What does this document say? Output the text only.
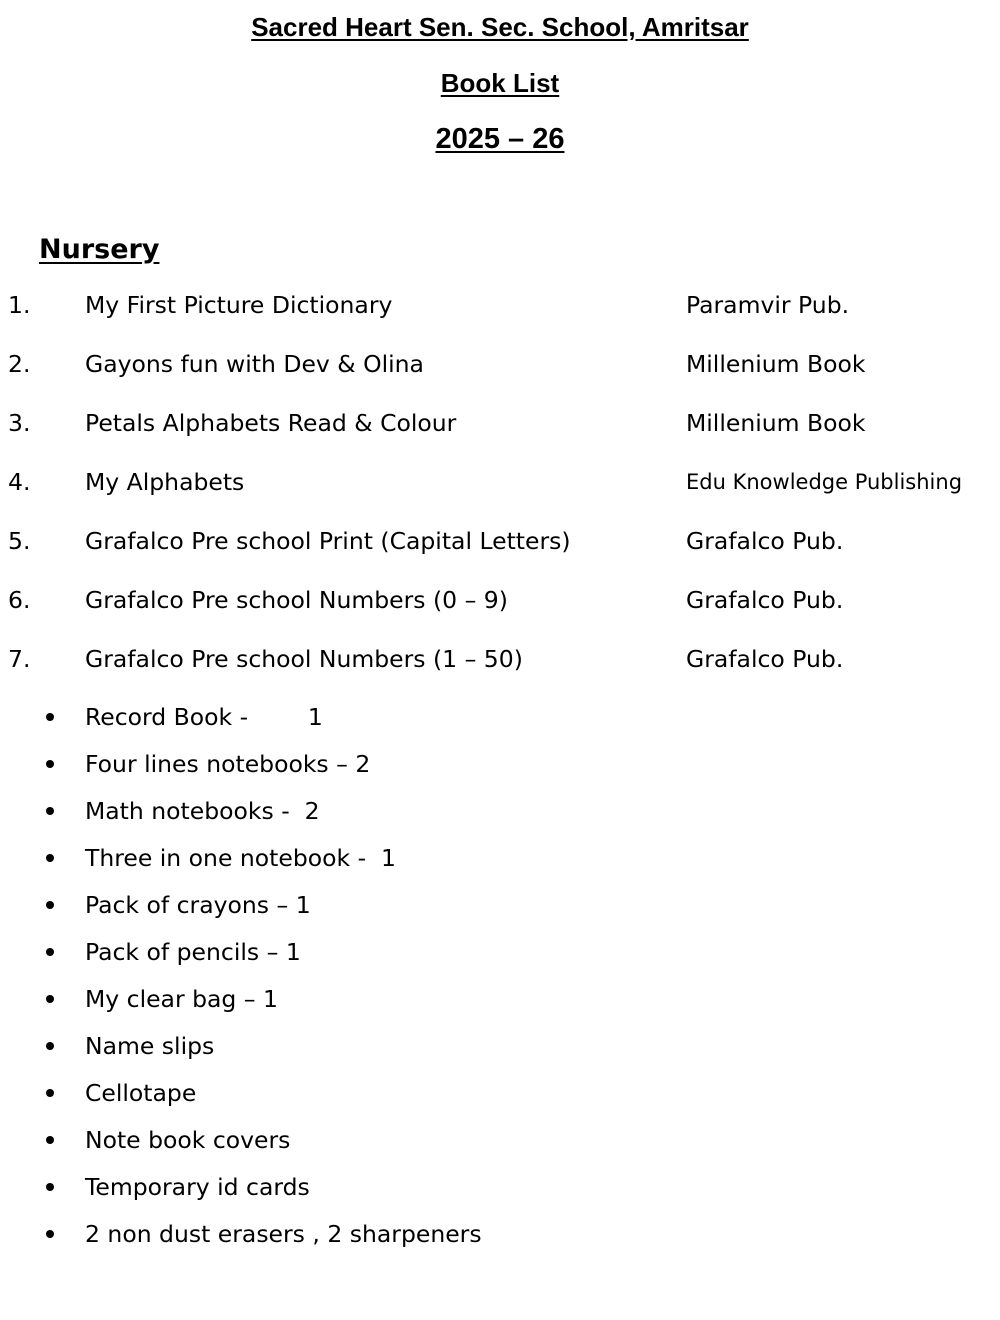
Sacred Heart Sen. Sec. School, Amritsar
Book List
2025 – 26
Nursery
1. My First Picture Dictionary	Paramvir Pub.
2. Gayons fun with Dev & Olina	Millenium Book
3. Petals Alphabets Read & Colour	Millenium Book
4. My Alphabets	Edu Knowledge Publishing
5. Grafalco Pre school Print (Capital Letters)	Grafalco Pub.
6. Grafalco Pre school Numbers (0 – 9)	Grafalco Pub.
7. Grafalco Pre school Numbers (1 – 50)	Grafalco Pub.
Record Book -        1
Four lines notebooks – 2
Math notebooks -  2
Three in one notebook -  1
Pack of crayons – 1
Pack of pencils – 1
My clear bag – 1
Name slips
Cellotape
Note book covers
Temporary id cards
2 non dust erasers , 2 sharpeners
